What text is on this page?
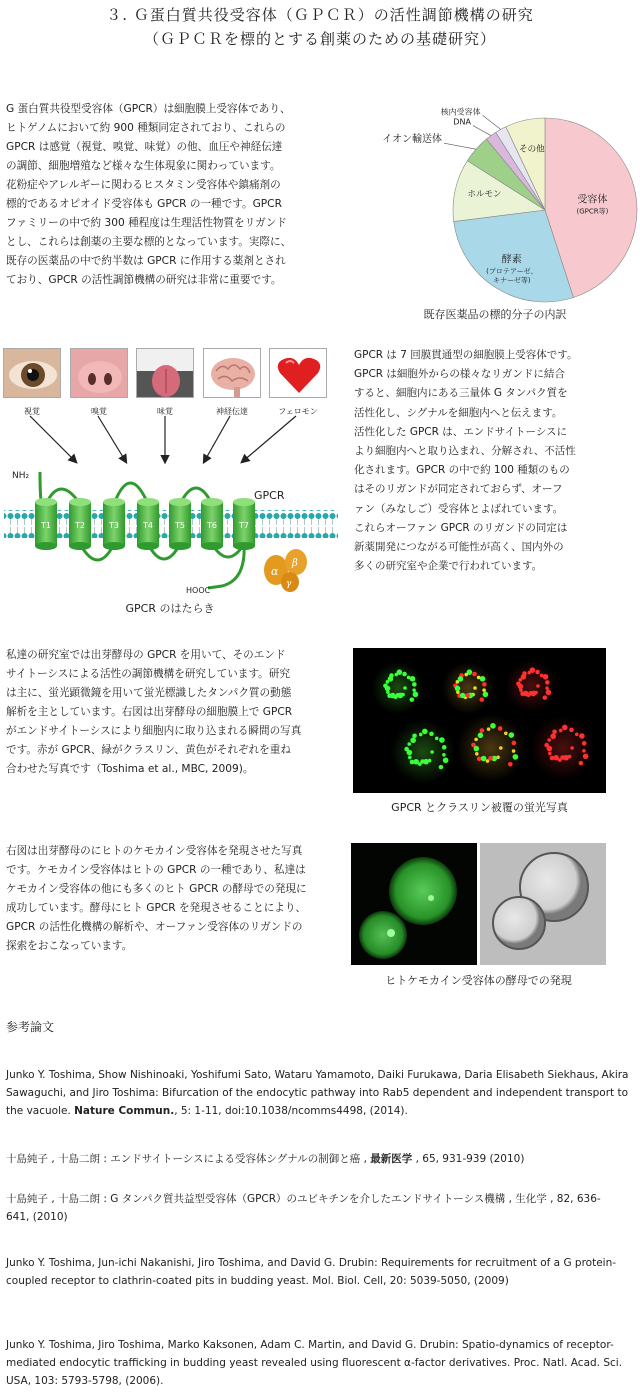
３. Ｇ蛋白質共役受容体（ＧＰＣＲ）の活性調節機構の研究
（ＧＰＣＲを標的とする創薬のための基礎研究）
G 蛋白質共役型受容体（GPCR）は細胞膜上受容体であり、
ヒトゲノムにおいて約 900 種類同定されており、これらの
GPCR は感覚（視覚、嗅覚、味覚）の他、血圧や神経伝達
の調節、細胞増殖など様々な生体現象に関わっています。
花粉症やアレルギーに関わるヒスタミン受容体や鎮痛剤の
標的であるオピオイド受容体も GPCR の一種です。GPCR
ファミリーの中で約 300 種程度は生理活性物質をリガンド
とし、これらは創薬の主要な標的となっています。実際に、
既存の医薬品の中で約半数は GPCR に作用する薬剤とされ
ており、GPCR の活性調節機構の研究は非常に重要です。
受容体
(GPCR等)
酵素
(プロテアーゼ、
キナーゼ等)
ホルモン
イオン輸送体
DNA
核内受容体
その他
既存医薬品の標的分子の内訳
視覚	嗅覚	味覚	神経伝達	フェロモン
T1	T2	T3	T4	T5	T6	T7
α
β
γ
NH₂
HOOC
GPCR
GPCR のはたらき
GPCR は 7 回膜貫通型の細胞膜上受容体です。
GPCR は細胞外からの様々なリガンドに結合
すると、細胞内にある三量体 G タンパク質を
活性化し、シグナルを細胞内へと伝えます。
活性化した GPCR は、エンドサイトーシスに
より細胞内へと取り込まれ、分解され、不活性
化されます。GPCR の中で約 100 種類のもの
はそのリガンドが同定されておらず、オーフ
ァン（みなしご）受容体とよばれています。
これらオーファン GPCR のリガンドの同定は
新薬開発につながる可能性が高く、国内外の
多くの研究室や企業で行われています。
私達の研究室では出芽酵母の GPCR を用いて、そのエンド
サイトーシスによる活性の調節機構を研究しています。研究
は主に、蛍光顕微鏡を用いて蛍光標識したタンパク質の動態
解析を主としています。右図は出芽酵母の細胞膜上で GPCR
がエンドサイトーシスにより細胞内に取り込まれる瞬間の写真
です。赤が GPCR、緑がクラスリン、黄色がそれぞれを重ね
合わせた写真です（Toshima et al., MBC, 2009)。
GPCR とクラスリン被覆の蛍光写真
右図は出芽酵母のにヒトのケモカイン受容体を発現させた写真
です。ケモカイン受容体はヒトの GPCR の一種であり、私達は
ケモカイン受容体の他にも多くのヒト GPCR の酵母での発現に
成功しています。酵母にヒト GPCR を発現させることにより、
GPCR の活性化機構の解析や、オーファン受容体のリガンドの
探索をおこなっています。
ヒトケモカイン受容体の酵母での発現
参考論文
Junko Y. Toshima, Show Nishinoaki, Yoshifumi Sato, Wataru Yamamoto, Daiki Furukawa, Daria Elisabeth Siekhaus, Akira Sawaguchi, and Jiro Toshima: Bifurcation of the endocytic pathway into Rab5 dependent and independent transport to the vacuole. Nature Commun., 5: 1-11, doi:10.1038/ncomms4498, (2014).
十島純子 , 十島二朗 : エンドサイトーシスによる受容体シグナルの制御と癌 , 最新医学 , 65, 931-939 (2010)
十島純子 , 十島二朗 : G タンパク質共益型受容体（GPCR）のユビキチンを介したエンドサイトーシス機構 , 生化学 , 82, 636-641, (2010)
Junko Y. Toshima, Jun-ichi Nakanishi, Jiro Toshima, and David G. Drubin: Requirements for recruitment of a G protein-coupled receptor to clathrin-coated pits in budding yeast. Mol. Biol. Cell, 20: 5039-5050, (2009)
Junko Y. Toshima, Jiro Toshima, Marko Kaksonen, Adam C. Martin, and David G. Drubin: Spatio-dynamics of receptor-mediated endocytic trafficking in budding yeast revealed using fluorescent α-factor derivatives. Proc. Natl. Acad. Sci. USA, 103: 5793-5798, (2006).
